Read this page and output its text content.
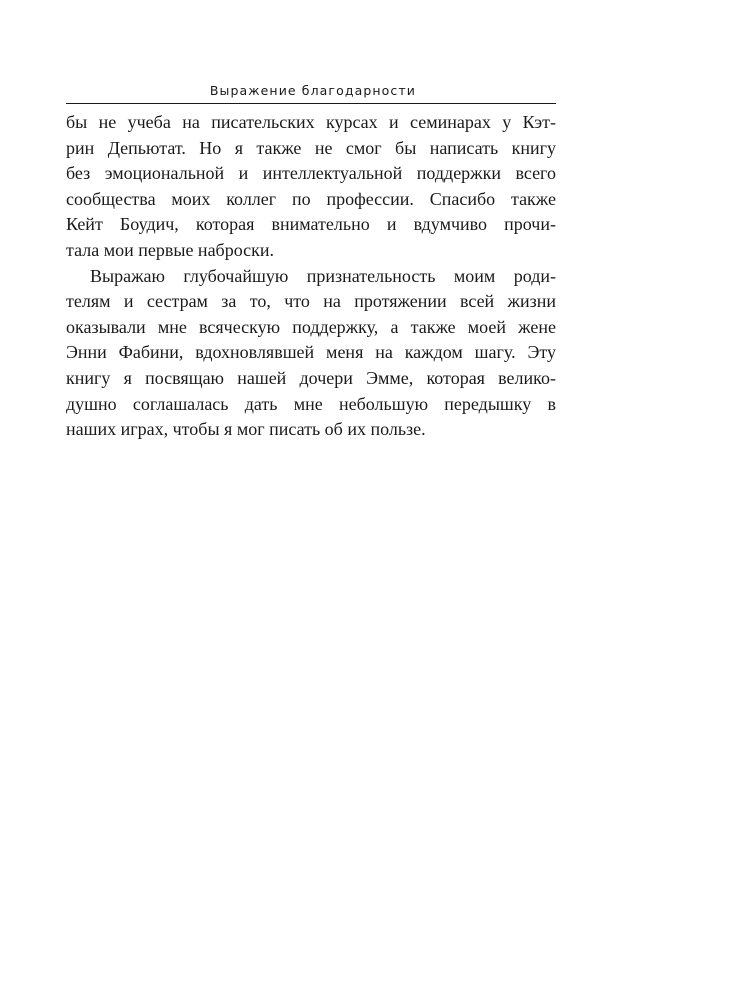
Выражение благодарности
бы не учеба на писательских курсах и семинарах у Кэт-
рин Депьютат. Но я также не смог бы написать книгу
без эмоциональной и интеллектуальной поддержки всего
сообщества моих коллег по профессии. Спасибо также
Кейт Боудич, которая внимательно и вдумчиво прочи-
тала мои первые наброски.
Выражаю глубочайшую признательность моим роди-
телям и сестрам за то, что на протяжении всей жизни
оказывали мне всяческую поддержку, а также моей жене
Энни Фабини, вдохновлявшей меня на каждом шагу. Эту
книгу я посвящаю нашей дочери Эмме, которая велико-
душно соглашалась дать мне небольшую передышку в
наших играх, чтобы я мог писать об их пользе.
